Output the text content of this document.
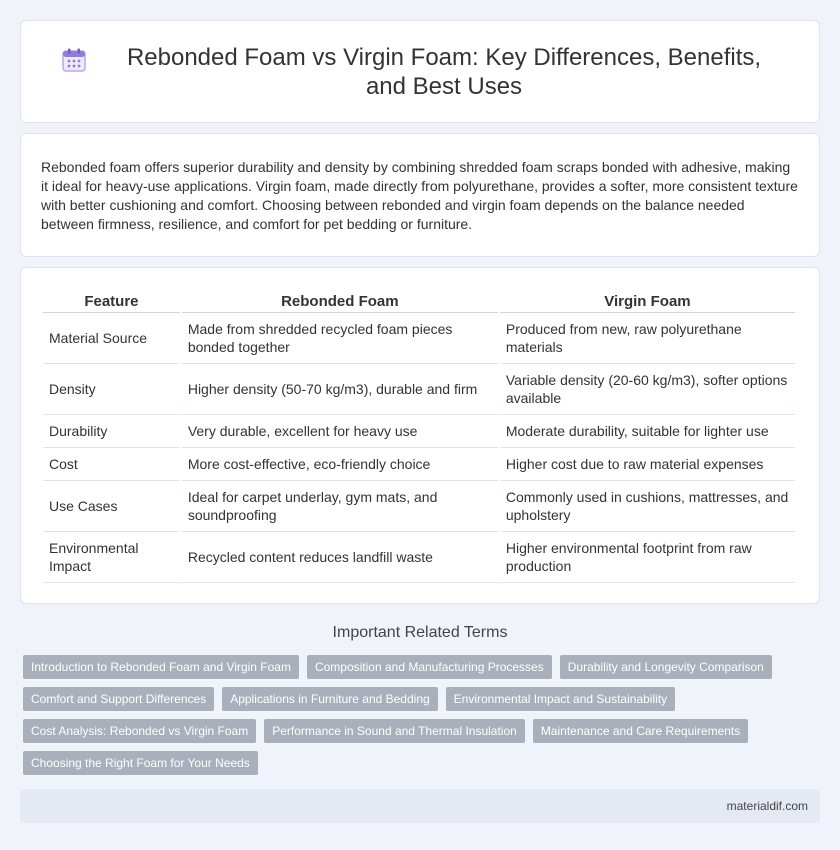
Rebonded Foam vs Virgin Foam: Key Differences, Benefits, and Best Uses

Rebonded foam offers superior durability and density by combining shredded foam scraps bonded with adhesive, making it ideal for heavy-use applications. Virgin foam, made directly from polyurethane, provides a softer, more consistent texture with better cushioning and comfort. Choosing between rebonded and virgin foam depends on the balance needed between firmness, resilience, and comfort for pet bedding or furniture.

Feature	Rebonded Foam	Virgin Foam
Material Source	Made from shredded recycled foam pieces bonded together	Produced from new, raw polyurethane materials
Density	Higher density (50-70 kg/m3), durable and firm	Variable density (20-60 kg/m3), softer options available
Durability	Very durable, excellent for heavy use	Moderate durability, suitable for lighter use
Cost	More cost-effective, eco-friendly choice	Higher cost due to raw material expenses
Use Cases	Ideal for carpet underlay, gym mats, and soundproofing	Commonly used in cushions, mattresses, and upholstery
Environmental Impact	Recycled content reduces landfill waste	Higher environmental footprint from raw production
Important Related Terms
Introduction to Rebonded Foam and Virgin Foam	Composition and Manufacturing Processes	Durability and Longevity Comparison
Comfort and Support Differences	Applications in Furniture and Bedding	Environmental Impact and Sustainability
Cost Analysis: Rebonded vs Virgin Foam	Performance in Sound and Thermal Insulation	Maintenance and Care Requirements
Choosing the Right Foam for Your Needs
materialdif.com
